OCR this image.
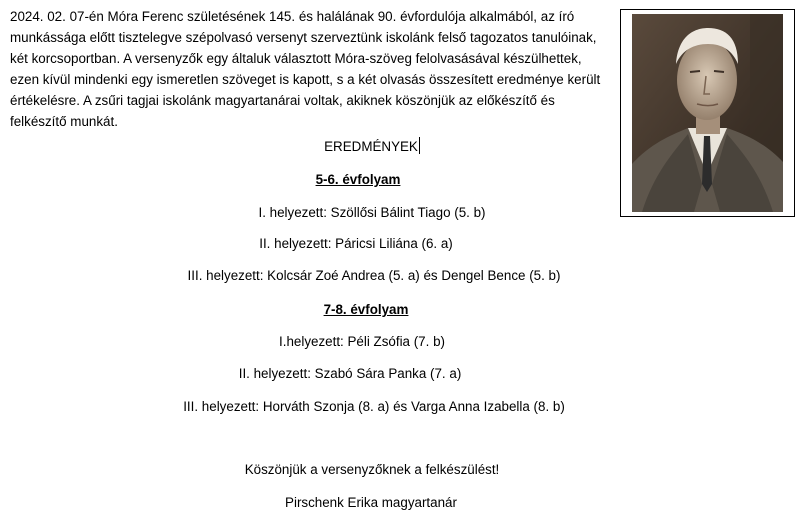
2024. 02. 07-én Móra Ferenc születésének 145. és halálának 90. évfordulója alkalmából, az író munkássága előtt tisztelegve szépolvasó versenyt szerveztünk iskolánk felső tagozatos tanulóinak, két korcsoportban. A versenyzők egy általuk választott Móra-szöveg felolvasásával készülhettek, ezen kívül mindenki egy ismeretlen szöveget is kapott, s a két olvasás összesített eredménye került értékelésre. A zsűri tagjai iskolánk magyartanárai voltak, akiknek köszönjük az előkészítő és felkészítő munkát.

EREDMÉNYEK
5-6. évfolyam
I. helyezett: Szöllősi Bálint Tiago (5. b)
II. helyezett: Páricsi Liliána (6. a)
III. helyezett: Kolcsár Zoé Andrea (5. a) és Dengel Bence (5. b)
7-8. évfolyam
I.helyezett: Péli Zsófia (7. b)
II. helyezett: Szabó Sára Panka (7. a)
III. helyezett: Horváth Szonja (8. a) és Varga Anna Izabella (8. b)
Köszönjük a versenyzőknek a felkészülést!
Pirschenk Erika magyartanár
